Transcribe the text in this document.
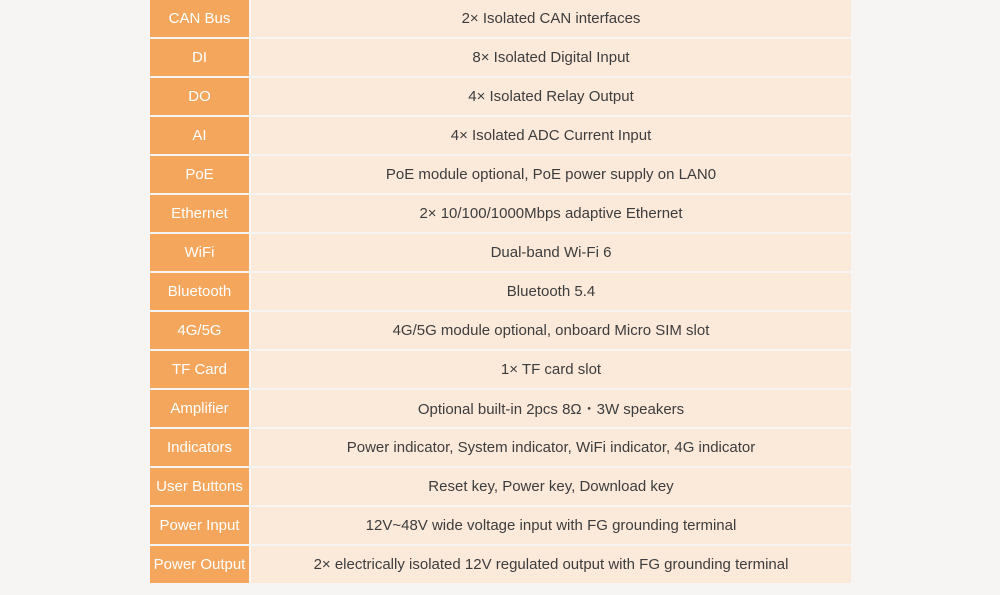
CAN Bus	2× Isolated CAN interfaces
DI	8× Isolated Digital Input
DO	4× Isolated Relay Output
AI	4× Isolated ADC Current Input
PoE	PoE module optional, PoE power supply on LAN0
Ethernet	2× 10/100/1000Mbps adaptive Ethernet
WiFi	Dual-band Wi-Fi 6
Bluetooth	Bluetooth 5.4
4G/5G	4G/5G module optional, onboard Micro SIM slot
TF Card	1× TF card slot
Amplifier	Optional built-in 2pcs 8Ω・3W speakers
Indicators	Power indicator, System indicator, WiFi indicator, 4G indicator
User Buttons	Reset key, Power key, Download key
Power Input	12V~48V wide voltage input with FG grounding terminal
Power Output	2× electrically isolated 12V regulated output with FG grounding terminal
